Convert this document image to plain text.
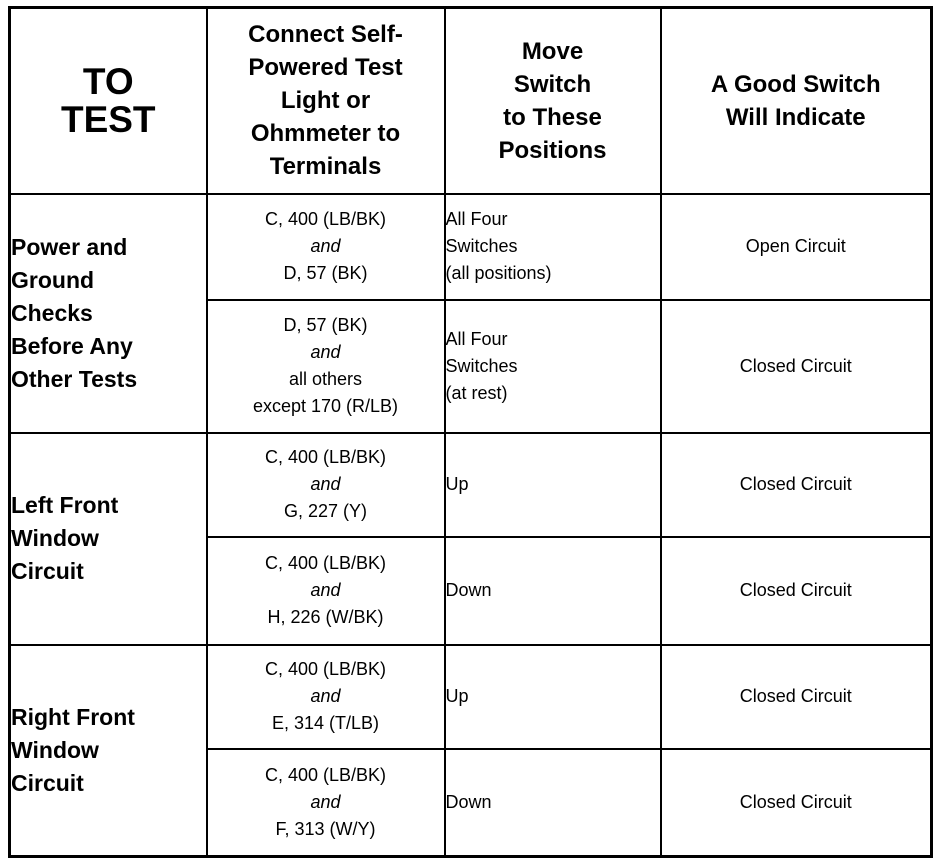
TO
TEST	Connect Self-
Powered Test
Light or
Ohmmeter to
Terminals	Move
Switch
to These
Positions	A Good Switch
Will Indicate

Power and
Ground
Checks
Before Any
Other Tests	C, 400 (LB/BK)
and
D, 57 (BK)	All Four
Switches
(all positions)	Open Circuit

	D, 57 (BK)
and
all others
except 170 (R/LB)	All Four
Switches
(at rest)	Closed Circuit

Left Front
Window
Circuit	C, 400 (LB/BK)
and
G, 227 (Y)	Up	Closed Circuit

	C, 400 (LB/BK)
and
H, 226 (W/BK)	Down	Closed Circuit

Right Front
Window
Circuit	C, 400 (LB/BK)
and
E, 314 (T/LB)	Up	Closed Circuit

	C, 400 (LB/BK)
and
F, 313 (W/Y)	Down	Closed Circuit
